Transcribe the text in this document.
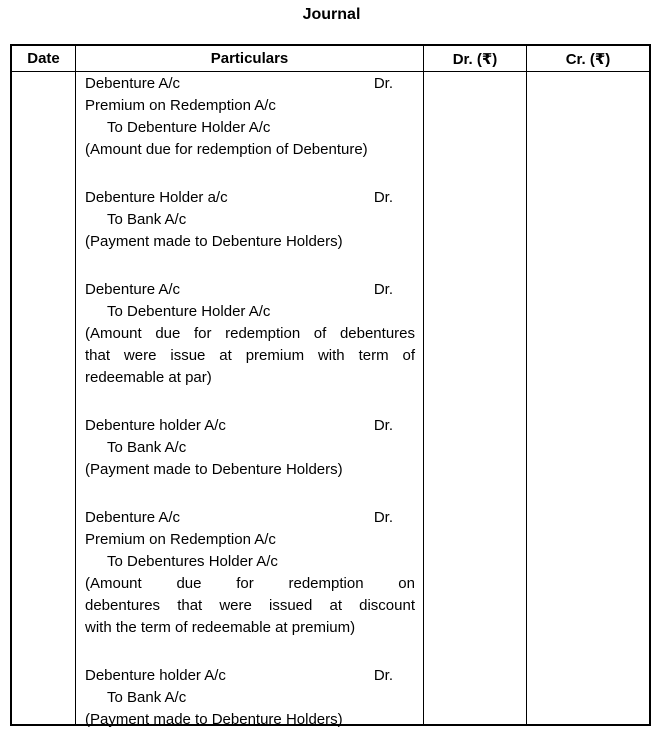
Journal
Date	Particulars	Dr. (₹)	Cr. (₹)
Debenture A/c	Dr.
Premium on Redemption A/c
To Debenture Holder A/c
(Amount due for redemption of Debenture)
Debenture Holder a/c	Dr.
To Bank A/c
(Payment made to Debenture Holders)
Debenture A/c	Dr.
To Debenture Holder A/c
(Amount due for redemption of debentures
that were issue at premium with term of
redeemable at par)
Debenture holder A/c	Dr.
To Bank A/c
(Payment made to Debenture Holders)
Debenture A/c	Dr.
Premium on Redemption A/c
To Debentures Holder A/c
(Amount due for redemption on
debentures that were issued at discount
with the term of redeemable at premium)
Debenture holder A/c	Dr.
To Bank A/c
(Payment made to Debenture Holders)
